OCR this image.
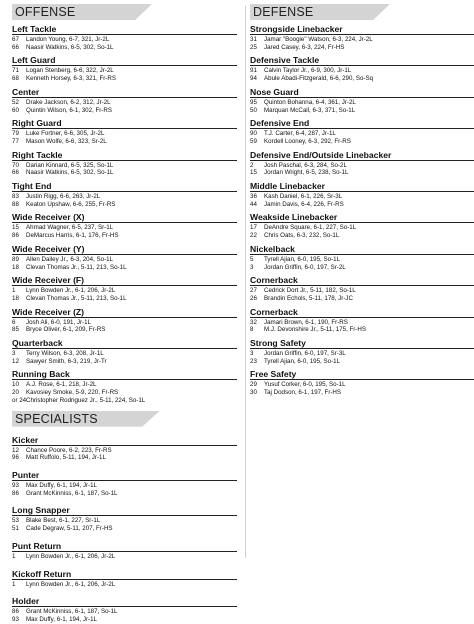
OFFENSE
Left Tackle
67	Landon Young, 6-7, 321, Jr-2L
66	Naasir Watkins, 6-5, 302, So-1L
Left Guard
71	Logan Stenberg, 6-6, 322, Jr-2L
68	Kenneth Horsey, 6-3, 321, Fr-RS
Center
52	Drake Jackson, 6-2, 312, Jr-2L
60	Quintin Wilson, 6-1, 302, Fr-RS
Right Guard
79	Luke Fortner, 6-6, 305, Jr-2L
77	Mason Wolfe, 6-6, 323, Sr-2L
Right Tackle
70	Darian Kinnard, 6-5, 325, So-1L
66	Naasir Watkins, 6-5, 302, So-1L
Tight End
83	Justin Rigg, 6-6, 263, Jr-2L
88	Keaton Upshaw, 6-6, 255, Fr-RS
Wide Receiver (X)
15	Ahmad Wagner, 6-5, 237, Sr-1L
86	DeMarcus Harris, 6-1, 176, Fr-HS
Wide Receiver (Y)
89	Allen Dailey Jr., 6-3, 204, So-1L
18	Clevan Thomas Jr., 5-11, 213, So-1L
Wide Receiver (F)
1	Lynn Bowden Jr., 6-1, 206, Jr-2L
18	Clevan Thomas Jr., 5-11, 213, So-1L
Wide Receiver (Z)
6	Josh Ali, 6-0, 191, Jr-1L
85	Bryce Oliver, 6-1, 209, Fr-RS
Quarterback
3	Terry Wilson, 6-3, 208, Jr-1L
12	Sawyer Smith, 6-3, 219, Jr-Tr
Running Back
10	A.J. Rose, 6-1, 218, Jr-2L
20	Kavosiey Smoke, 5-9, 220, Fr-RS
or 24 Christopher Rodriguez Jr., 5-11, 224, So-1L
SPECIALISTS
Kicker
12	Chance Poore, 6-2, 223, Fr-RS
96	Matt Ruffolo, 5-11, 194, Jr-1L
Punter
93	Max Duffy, 6-1, 194, Jr-1L
86	Grant McKinniss, 6-1, 187, So-1L
Long Snapper
53	Blake Best, 6-1, 227, Sr-1L
51	Cade Degraw, 5-11, 207, Fr-HS
Punt Return
1	Lynn Bowden Jr., 6-1, 206, Jr-2L
Kickoff Return
1	Lynn Bowden Jr., 6-1, 206, Jr-2L
Holder
86	Grant McKinniss, 6-1, 187, So-1L
93	Max Duffy, 6-1, 194, Jr-1L
DEFENSE
Strongside Linebacker
31	Jamar "Boogie" Watson, 6-3, 224, Jr-2L
25	Jared Casey, 6-3, 224, Fr-HS
Defensive Tackle
91	Calvin Taylor Jr., 6-9, 300, Jr-1L
94	Abule Abadi-Fitzgerald, 6-6, 290, So-Sq
Nose Guard
95	Quinton Bohanna, 6-4, 361, Jr-2L
50	Marquan McCall, 6-3, 371, So-1L
Defensive End
90	T.J. Carter, 6-4, 287, Jr-1L
59	Kordell Looney, 6-3, 292, Fr-RS
Defensive End/Outside Linebacker
2	Josh Paschal, 6-3, 284, So-2L
15	Jordan Wright, 6-5, 238, So-1L
Middle Linebacker
36	Kash Daniel, 6-1, 226, Sr-3L
44	Jamin Davis, 6-4, 226, Fr-RS
Weakside Linebacker
17	DeAndre Square, 6-1, 227, So-1L
22	Chris Oats, 6-3, 232, So-1L
Nickelback
5	Tyrell Ajian, 6-0, 195, So-1L
3	Jordan Griffin, 6-0, 197, Sr-2L
Cornerback
27	Cedrick Dort Jr., 5-11, 182, So-1L
26	Brandin Echols, 5-11, 178, Jr-JC
Cornerback
32	Jamari Brown, 6-1, 190, Fr-RS
8	M.J. Devonshire Jr., 5-11, 175, Fr-HS
Strong Safety
3	Jordan Griffin, 6-0, 197, Sr-3L
23	Tyrell Ajian, 6-0, 195, So-1L
Free Safety
29	Yusuf Corker, 6-0, 195, So-1L
30	Taj Dodson, 6-1, 197, Fr-HS
